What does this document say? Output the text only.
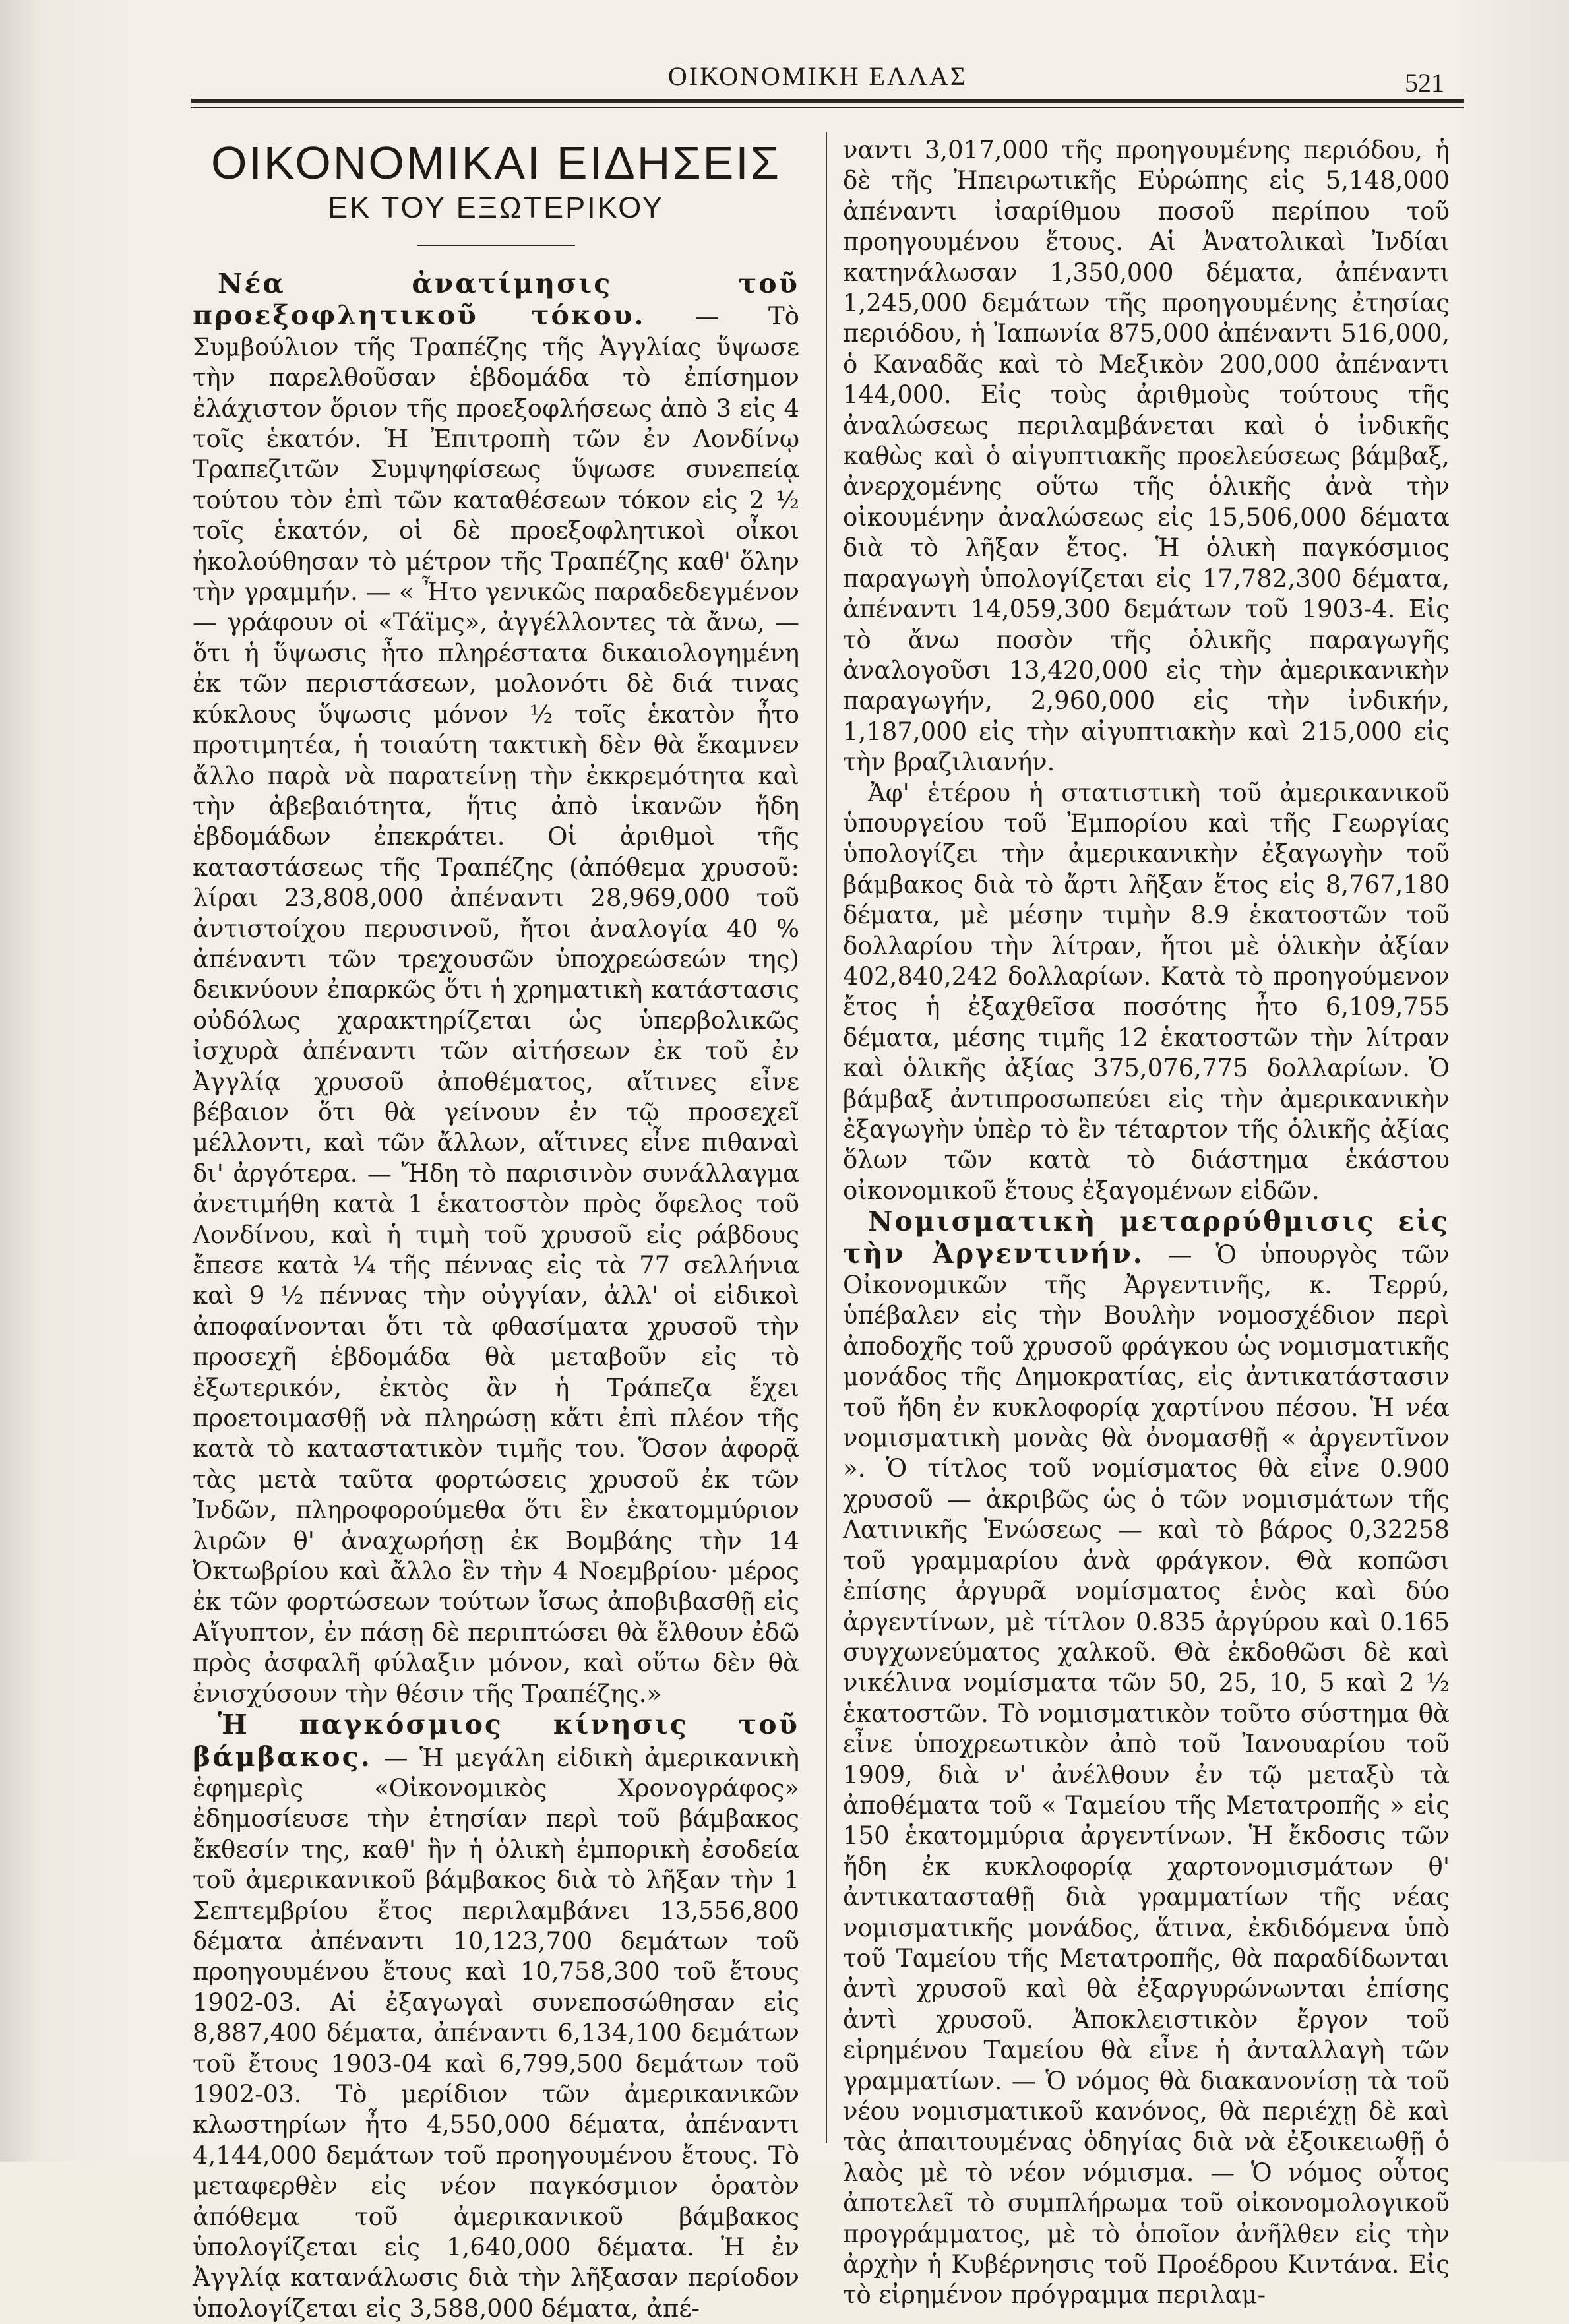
ΟΙΚΟΝΟΜΙΚΗ ΕΛΛΑΣ	521
ΟΙΚΟΝΟΜΙΚΑΙ ΕΙΔΗΣΕΙΣ
ΕΚ ΤΟΥ ΕΞΩΤΕΡΙΚΟΥ

Νέα ἀνατίμησις τοῦ προεξοφλητικοῦ τόκου. — Τὸ Συμβούλιον τῆς Τραπέζης τῆς Ἀγγλίας ὕψωσε τὴν παρελθοῦσαν ἑβδομάδα τὸ ἐπίσημον ἐλάχιστον ὅριον τῆς προεξοφλήσεως ἀπὸ 3 εἰς 4 τοῖς ἑκατόν. Ἡ Ἐπιτροπὴ τῶν ἐν Λονδίνῳ Τραπεζιτῶν Συμψηφίσεως ὕψωσε συνεπείᾳ τούτου τὸν ἐπὶ τῶν καταθέσεων τόκον εἰς 2 ½ τοῖς ἑκατόν, οἱ δὲ προεξοφλητικοὶ οἶκοι ἠκολούθησαν τὸ μέτρον τῆς Τραπέζης καθ' ὅλην τὴν γραμμήν. — « Ἦτο γενικῶς παραδεδεγμένον — γράφουν οἱ «Τάϊμς», ἀγγέλλοντες τὰ ἄνω, — ὅτι ἡ ὕψωσις ἦτο πληρέστατα δικαιολογημένη ἐκ τῶν περιστάσεων, μολονότι δὲ διά τινας κύκλους ὕψωσις μόνον ½ τοῖς ἑκατὸν ἦτο προτιμητέα, ἡ τοιαύτη τακτικὴ δὲν θὰ ἔκαμνεν ἄλλο παρὰ νὰ παρατείνῃ τὴν ἐκκρεμότητα καὶ τὴν ἀβεβαιότητα, ἥτις ἀπὸ ἱκανῶν ἤδη ἑβδομάδων ἐπεκράτει. Οἱ ἀριθμοὶ τῆς καταστάσεως τῆς Τραπέζης (ἀπόθεμα χρυσοῦ: λίραι 23,808,000 ἀπέναντι 28,969,000 τοῦ ἀντιστοίχου περυσινοῦ, ἤτοι ἀναλογία 40 % ἀπέναντι τῶν τρεχουσῶν ὑποχρεώσεών της) δεικνύουν ἐπαρκῶς ὅτι ἡ χρηματικὴ κατάστασις οὐδόλως χαρακτηρίζεται ὡς ὑπερβολικῶς ἰσχυρὰ ἀπέναντι τῶν αἰτήσεων ἐκ τοῦ ἐν Ἀγγλίᾳ χρυσοῦ ἀποθέματος, αἵτινες εἶνε βέβαιον ὅτι θὰ γείνουν ἐν τῷ προσεχεῖ μέλλοντι, καὶ τῶν ἄλλων, αἵτινες εἶνε πιθαναὶ δι' ἀργότερα. — Ἤδη τὸ παρισινὸν συνάλλαγμα ἀνετιμήθη κατὰ 1 ἑκατοστὸν πρὸς ὄφελος τοῦ Λονδίνου, καὶ ἡ τιμὴ τοῦ χρυσοῦ εἰς ράβδους ἔπεσε κατὰ ¼ τῆς πέννας εἰς τὰ 77 σελλήνια καὶ 9 ½ πέννας τὴν οὐγγίαν, ἀλλ' οἱ εἰδικοὶ ἀποφαίνονται ὅτι τὰ φθασίματα χρυσοῦ τὴν προσεχῆ ἑβδομάδα θὰ μεταβοῦν εἰς τὸ ἐξωτερικόν, ἐκτὸς ἂν ἡ Τράπεζα ἔχει προετοιμασθῇ νὰ πληρώσῃ κἄτι ἐπὶ πλέον τῆς κατὰ τὸ καταστατικὸν τιμῆς του. Ὅσον ἀφορᾷ τὰς μετὰ ταῦτα φορτώσεις χρυσοῦ ἐκ τῶν Ἰνδῶν, πληροφορούμεθα ὅτι ἓν ἑκατομμύριον λιρῶν θ' ἀναχωρήσῃ ἐκ Βομβάης τὴν 14 Ὀκτωβρίου καὶ ἄλλο ἓν τὴν 4 Νοεμβρίου· μέρος ἐκ τῶν φορτώσεων τούτων ἴσως ἀποβιβασθῇ εἰς Αἴγυπτον, ἐν πάσῃ δὲ περιπτώσει θὰ ἔλθουν ἐδῶ πρὸς ἀσφαλῆ φύλαξιν μόνον, καὶ οὕτω δὲν θὰ ἐνισχύσουν τὴν θέσιν τῆς Τραπέζης.»

Ἡ παγκόσμιος κίνησις τοῦ βάμβακος. — Ἡ μεγάλη εἰδικὴ ἀμερικανικὴ ἐφημερὶς «Οἰκονομικὸς Χρονογράφος» ἐδημοσίευσε τὴν ἐτησίαν περὶ τοῦ βάμβακος ἔκθεσίν της, καθ' ἣν ἡ ὁλικὴ ἐμπορικὴ ἐσοδεία τοῦ ἀμερικανικοῦ βάμβακος διὰ τὸ λῆξαν τὴν 1 Σεπτεμβρίου ἔτος περιλαμβάνει 13,556,800 δέματα ἀπέναντι 10,123,700 δεμάτων τοῦ προηγουμένου ἔτους καὶ 10,758,300 τοῦ ἔτους 1902-03. Αἱ ἐξαγωγαὶ συνεποσώθησαν εἰς 8,887,400 δέματα, ἀπέναντι 6,134,100 δεμάτων τοῦ ἔτους 1903-04 καὶ 6,799,500 δεμάτων τοῦ 1902-03. Τὸ μερίδιον τῶν ἀμερικανικῶν κλωστηρίων ἦτο 4,550,000 δέματα, ἀπέναντι 4,144,000 δεμάτων τοῦ προηγουμένου ἔτους. Τὸ μεταφερθὲν εἰς νέον παγκόσμιον ὁρατὸν ἀπόθεμα τοῦ ἀμερικανικοῦ βάμβακος ὑπολογίζεται εἰς 1,640,000 δέματα. Ἡ ἐν Ἀγγλίᾳ κατανάλωσις διὰ τὴν λῆξασαν περίοδον ὑπολογίζεται εἰς 3,588,000 δέματα, ἀπέ-

ναντι 3,017,000 τῆς προηγουμένης περιόδου, ἡ δὲ τῆς Ἠπειρωτικῆς Εὐρώπης εἰς 5,148,000 ἀπέναντι ἰσαρίθμου ποσοῦ περίπου τοῦ προηγουμένου ἔτους. Αἱ Ἀνατολικαὶ Ἰνδίαι κατηνάλωσαν 1,350,000 δέματα, ἀπέναντι 1,245,000 δεμάτων τῆς προηγουμένης ἐτησίας περιόδου, ἡ Ἰαπωνία 875,000 ἀπέναντι 516,000, ὁ Καναδᾶς καὶ τὸ Μεξικὸν 200,000 ἀπέναντι 144,000. Εἰς τοὺς ἀριθμοὺς τούτους τῆς ἀναλώσεως περιλαμβάνεται καὶ ὁ ἰνδικῆς καθὼς καὶ ὁ αἰγυπτιακῆς προελεύσεως βάμβαξ, ἀνερχομένης οὕτω τῆς ὁλικῆς ἀνὰ τὴν οἰκουμένην ἀναλώσεως εἰς 15,506,000 δέματα διὰ τὸ λῆξαν ἔτος. Ἡ ὁλικὴ παγκόσμιος παραγωγὴ ὑπολογίζεται εἰς 17,782,300 δέματα, ἀπέναντι 14,059,300 δεμάτων τοῦ 1903-4. Εἰς τὸ ἄνω ποσὸν τῆς ὁλικῆς παραγωγῆς ἀναλογοῦσι 13,420,000 εἰς τὴν ἀμερικανικὴν παραγωγήν, 2,960,000 εἰς τὴν ἰνδικήν, 1,187,000 εἰς τὴν αἰγυπτιακὴν καὶ 215,000 εἰς τὴν βραζιλιανήν.

Ἀφ' ἑτέρου ἡ στατιστικὴ τοῦ ἀμερικανικοῦ ὑπουργείου τοῦ Ἐμπορίου καὶ τῆς Γεωργίας ὑπολογίζει τὴν ἀμερικανικὴν ἐξαγωγὴν τοῦ βάμβακος διὰ τὸ ἄρτι λῆξαν ἔτος εἰς 8,767,180 δέματα, μὲ μέσην τιμὴν 8.9 ἑκατοστῶν τοῦ δολλαρίου τὴν λίτραν, ἤτοι μὲ ὁλικὴν ἀξίαν 402,840,242 δολλαρίων. Κατὰ τὸ προηγούμενον ἔτος ἡ ἐξαχθεῖσα ποσότης ἦτο 6,109,755 δέματα, μέσης τιμῆς 12 ἑκατοστῶν τὴν λίτραν καὶ ὁλικῆς ἀξίας 375,076,775 δολλαρίων. Ὁ βάμβαξ ἀντιπροσωπεύει εἰς τὴν ἀμερικανικὴν ἐξαγωγὴν ὑπὲρ τὸ ἓν τέταρτον τῆς ὁλικῆς ἀξίας ὅλων τῶν κατὰ τὸ διάστημα ἑκάστου οἰκονομικοῦ ἔτους ἐξαγομένων εἰδῶν.

Νομισματικὴ μεταρρύθμισις εἰς τὴν Ἀργεντινήν. — Ὁ ὑπουργὸς τῶν Οἰκονομικῶν τῆς Ἀργεντινῆς, κ. Τερρύ, ὑπέβαλεν εἰς τὴν Βουλὴν νομοσχέδιον περὶ ἀποδοχῆς τοῦ χρυσοῦ φράγκου ὡς νομισματικῆς μονάδος τῆς Δημοκρατίας, εἰς ἀντικατάστασιν τοῦ ἤδη ἐν κυκλοφορίᾳ χαρτίνου πέσου. Ἡ νέα νομισματικὴ μονὰς θὰ ὀνομασθῇ « ἀργεντῖνον ». Ὁ τίτλος τοῦ νομίσματος θὰ εἶνε 0.900 χρυσοῦ — ἀκριβῶς ὡς ὁ τῶν νομισμάτων τῆς Λατινικῆς Ἑνώσεως — καὶ τὸ βάρος 0,32258 τοῦ γραμμαρίου ἀνὰ φράγκον. Θὰ κοπῶσι ἐπίσης ἀργυρᾶ νομίσματος ἑνὸς καὶ δύο ἀργεντίνων, μὲ τίτλον 0.835 ἀργύρου καὶ 0.165 συγχωνεύματος χαλκοῦ. Θὰ ἐκδοθῶσι δὲ καὶ νικέλινα νομίσματα τῶν 50, 25, 10, 5 καὶ 2 ½ ἑκατοστῶν. Τὸ νομισματικὸν τοῦτο σύστημα θὰ εἶνε ὑποχρεωτικὸν ἀπὸ τοῦ Ἰανουαρίου τοῦ 1909, διὰ ν' ἀνέλθουν ἐν τῷ μεταξὺ τὰ ἀποθέματα τοῦ « Ταμείου τῆς Μετατροπῆς » εἰς 150 ἑκατομμύρια ἀργεντίνων. Ἡ ἔκδοσις τῶν ἤδη ἐκ κυκλοφορίᾳ χαρτονομισμάτων θ' ἀντικατασταθῇ διὰ γραμματίων τῆς νέας νομισματικῆς μονάδος, ἅτινα, ἐκδιδόμενα ὑπὸ τοῦ Ταμείου τῆς Μετατροπῆς, θὰ παραδίδωνται ἀντὶ χρυσοῦ καὶ θὰ ἐξαργυρώνωνται ἐπίσης ἀντὶ χρυσοῦ. Ἀποκλειστικὸν ἔργον τοῦ εἰρημένου Ταμείου θὰ εἶνε ἡ ἀνταλλαγὴ τῶν γραμματίων. — Ὁ νόμος θὰ διακανονίσῃ τὰ τοῦ νέου νομισματικοῦ κανόνος, θὰ περιέχῃ δὲ καὶ τὰς ἀπαιτουμένας ὁδηγίας διὰ νὰ ἐξοικειωθῇ ὁ λαὸς μὲ τὸ νέον νόμισμα. — Ὁ νόμος οὗτος ἀποτελεῖ τὸ συμπλήρωμα τοῦ οἰκονομολογικοῦ προγράμματος, μὲ τὸ ὁποῖον ἀνῆλθεν εἰς τὴν ἀρχὴν ἡ Κυβέρνησις τοῦ Προέδρου Κιντάνα. Εἰς τὸ εἰρημένον πρόγραμμα περιλαμ-
